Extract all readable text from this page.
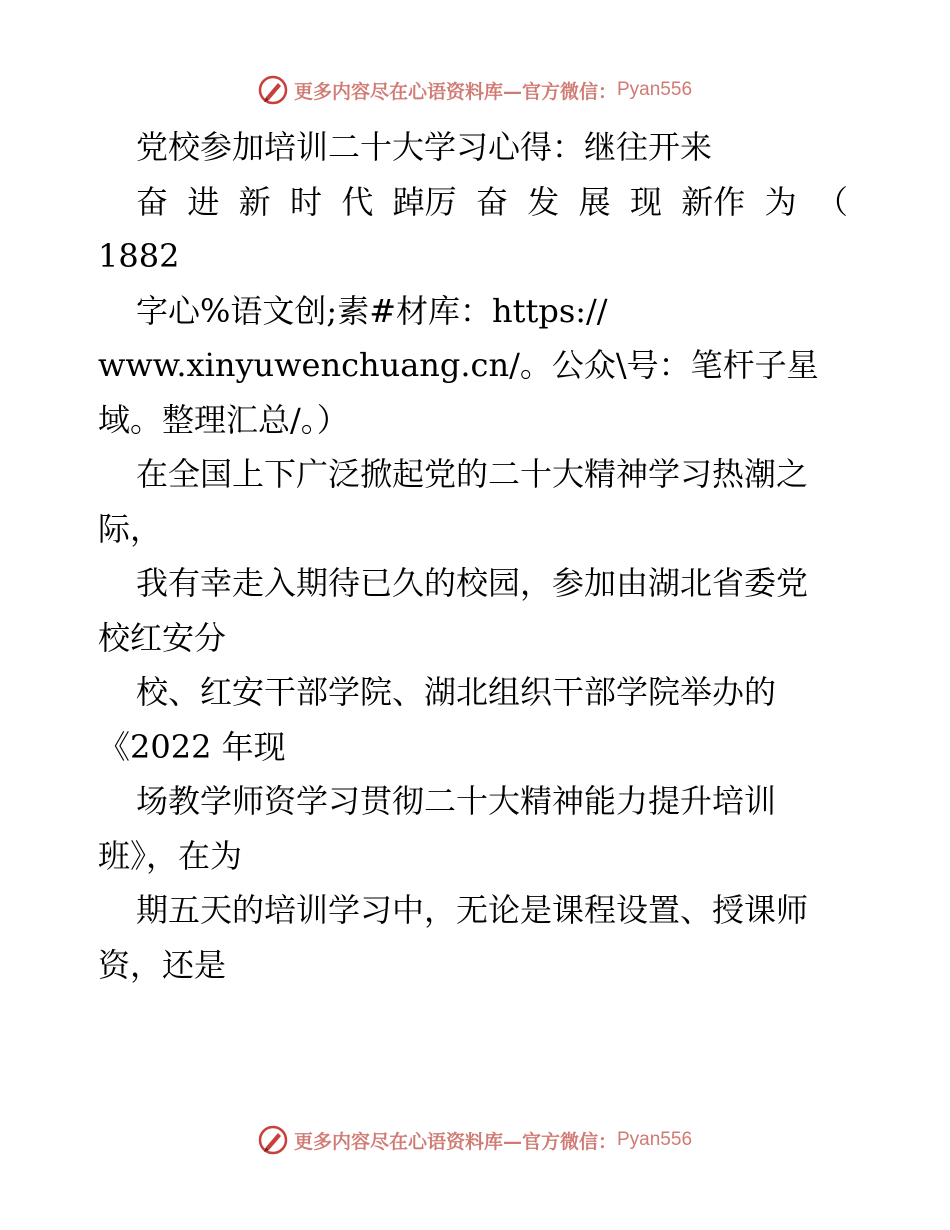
更多内容尽在心语资料库—官方微信： Pyan556
党校参加培训二十大学习心得：继往开来
奋 进 新 时 代 踔厉 奋 发 展 现 新作 为 （
1882
字心%语文创;素#材库：https://
www.xinyuwenchuang.cn/。公众\号：笔杆子星
域。整理汇总/。）
在全国上下广泛掀起党的二十大精神学习热潮之
际，
我有幸走入期待已久的校园，参加由湖北省委党
校红安分
校、红安干部学院、湖北组织干部学院举办的
《2022 年现
场教学师资学习贯彻二十大精神能力提升培训
班》，在为
期五天的培训学习中，无论是课程设置、授课师
资，还是
更多内容尽在心语资料库—官方微信： Pyan556
